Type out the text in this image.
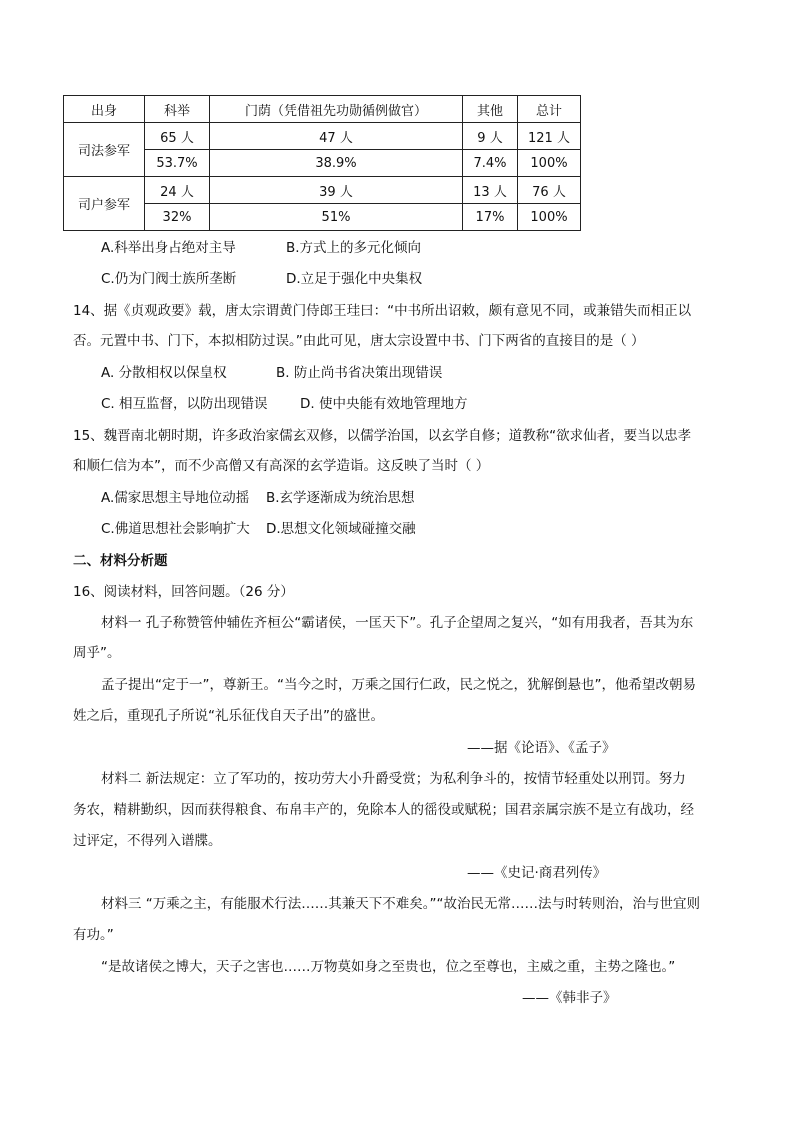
出身	科举	门荫（凭借祖先功勋循例做官）	其他	总计
司法参军	65 人	47 人	9 人	121 人
	53.7%	38.9%	7.4%	100%
司户参军	24 人	39 人	13 人	76 人
	32%	51%	17%	100%
A.科举出身占绝对主导	B.方式上的多元化倾向
C.仍为门阀士族所垄断	D.立足于强化中央集权
14、据《贞观政要》载，唐太宗谓黄门侍郎王珪曰：“中书所出诏敕，颇有意见不同，或兼错失而相正以
否。元置中书、门下，本拟相防过误。”由此可见，唐太宗设置中书、门下两省的直接目的是（ ）
A. 分散相权以保皇权	B. 防止尚书省决策出现错误
C. 相互监督，以防出现错误 D. 使中央能有效地管理地方
15、魏晋南北朝时期，许多政治家儒玄双修，以儒学治国，以玄学自修；道教称“欲求仙者，要当以忠孝
和顺仁信为本”，而不少高僧又有高深的玄学造诣。这反映了当时（ ）
A.儒家思想主导地位动摇 B.玄学逐渐成为统治思想
C.佛道思想社会影响扩大 D.思想文化领域碰撞交融
二、材料分析题
16、阅读材料，回答问题。（26 分）
材料一 孔子称赞管仲辅佐齐桓公“霸诸侯，一匡天下”。孔子企望周之复兴，“如有用我者，吾其为东
周乎”。
孟子提出“定于一”，尊新王。“当今之时，万乘之国行仁政，民之悦之，犹解倒悬也”，他希望改朝易
姓之后，重现孔子所说“礼乐征伐自天子出”的盛世。
——据《论语》、《孟子》
材料二 新法规定：立了军功的，按功劳大小升爵受赏；为私利争斗的，按情节轻重处以刑罚。努力
务农，精耕勤织，因而获得粮食、布帛丰产的，免除本人的徭役或赋税；国君亲属宗族不是立有战功，经
过评定，不得列入谱牒。
——《史记·商君列传》
材料三 “万乘之主，有能服术行法……其兼天下不难矣。”“故治民无常……法与时转则治，治与世宜则
有功。”
“是故诸侯之博大，天子之害也……万物莫如身之至贵也，位之至尊也，主威之重，主势之隆也。”
——《韩非子》
